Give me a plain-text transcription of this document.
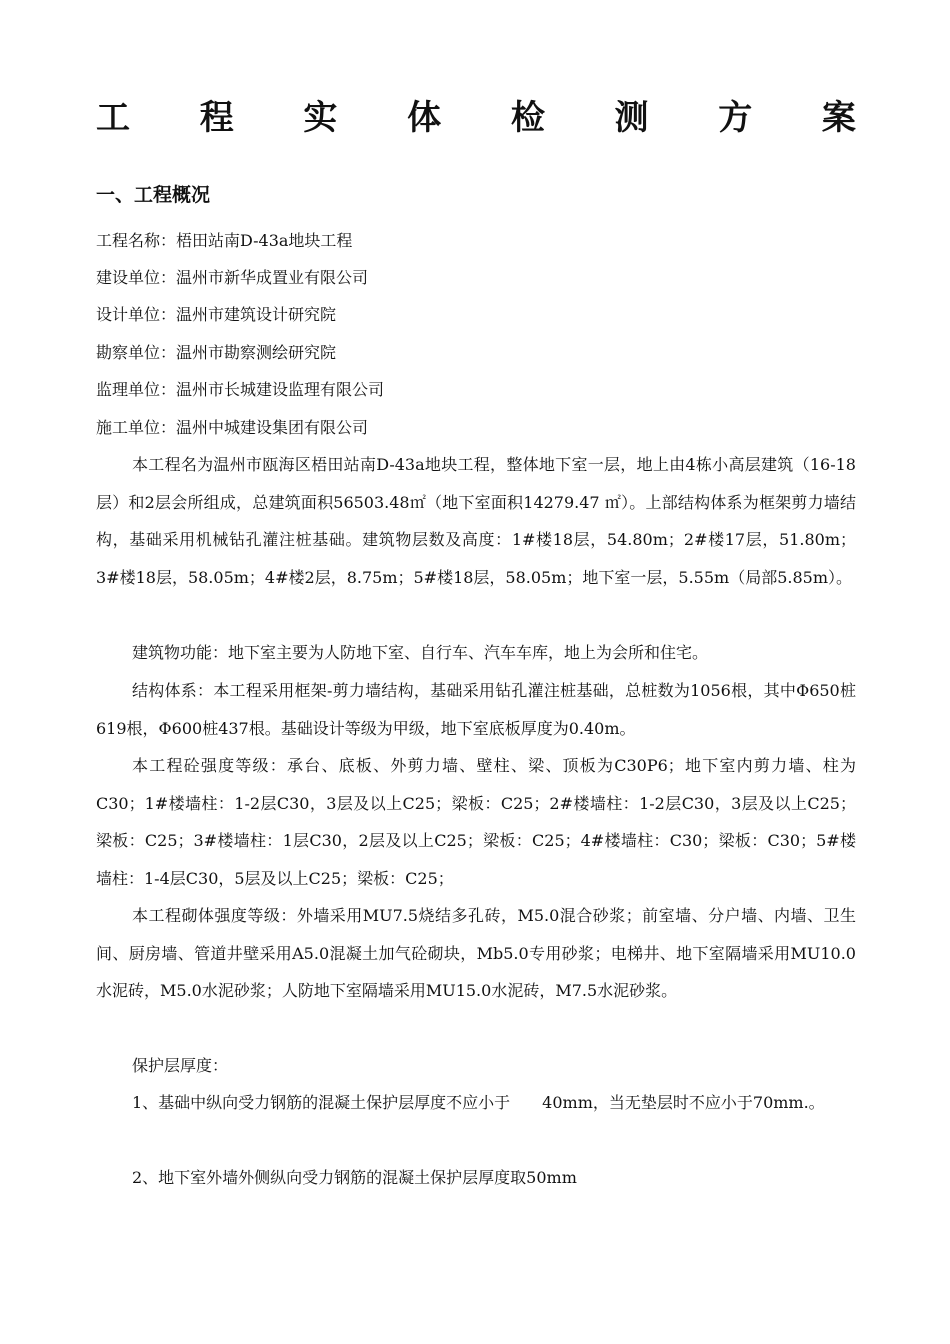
工 程 实 体 检 测 方 案
一、工程概况
工程名称：梧田站南D-43a地块工程
建设单位：温州市新华成置业有限公司
设计单位：温州市建筑设计研究院
勘察单位：温州市勘察测绘研究院
监理单位：温州市长城建设监理有限公司
施工单位：温州中城建设集团有限公司
本工程名为温州市瓯海区梧田站南D-43a地块工程，整体地下室一层，地上由4栋小高层建筑（16-18层）和2层会所组成，总建筑面积56503.48㎡（地下室面积14279.47 ㎡）。上部结构体系为框架剪力墙结构，基础采用机械钻孔灌注桩基础。建筑物层数及高度：1#楼18层，54.80m；2#楼17层，51.80m；3#楼18层，58.05m；4#楼2层，8.75m；5#楼18层，58.05m；地下室一层，5.55m（局部5.85m）。
建筑物功能：地下室主要为人防地下室、自行车、汽车车库，地上为会所和住宅。
结构体系：本工程采用框架-剪力墙结构，基础采用钻孔灌注桩基础，总桩数为1056根，其中Φ650桩619根，Φ600桩437根。基础设计等级为甲级，地下室底板厚度为0.40m。
本工程砼强度等级：承台、底板、外剪力墙、壁柱、梁、顶板为C30P6；地下室内剪力墙、柱为C30；1#楼墙柱：1-2层C30，3层及以上C25；梁板：C25；2#楼墙柱：1-2层C30，3层及以上C25；梁板：C25；3#楼墙柱：1层C30，2层及以上C25；梁板：C25；4#楼墙柱：C30；梁板：C30；5#楼墙柱：1-4层C30，5层及以上C25；梁板：C25；
本工程砌体强度等级：外墙采用MU7.5烧结多孔砖，M5.0混合砂浆；前室墙、分户墙、内墙、卫生间、厨房墙、管道井壁采用A5.0混凝土加气砼砌块，Mb5.0专用砂浆；电梯井、地下室隔墙采用MU10.0水泥砖，M5.0水泥砂浆；人防地下室隔墙采用MU15.0水泥砖，M7.5水泥砂浆。
保护层厚度：
1、基础中纵向受力钢筋的混凝土保护层厚度不应小于　　40mm，当无垫层时不应小于70mm.。
2、地下室外墙外侧纵向受力钢筋的混凝土保护层厚度取50mm
